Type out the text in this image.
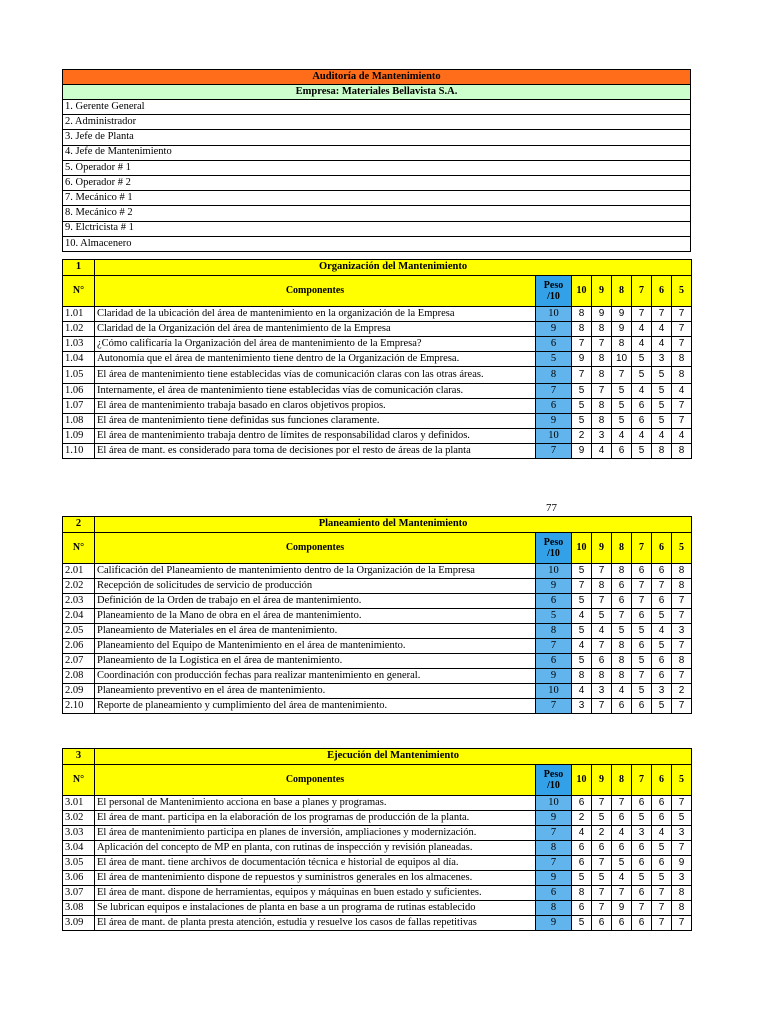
Auditoría de Mantenimiento
Empresa: Materiales Bellavista S.A.
1. Gerente General
2. Administrador
3. Jefe de Planta
4. Jefe de Mantenimiento
5. Operador # 1
6. Operador # 2
7. Mecánico # 1
8. Mecánico # 2
9. Elctricista # 1
10. Almacenero
1	Organización del Mantenimiento							
N°	Componentes	Peso /10	10	9	8	7	6	5
1.01	Claridad de la ubicación del área de mantenimiento en la organización de la Empresa	10	8	9	9	7	7	7
1.02	Claridad de la Organización del área de mantenimiento de la Empresa	9	8	8	9	4	4	7
1.03	¿Cómo calificaría la Organización del área de mantenimiento de la Empresa?	6	7	7	8	4	4	7
1.04	Autonomía que el área de mantenimiento tiene dentro de la Organización de Empresa.	5	9	8	10	5	3	8
1.05	El área de mantenimiento tiene establecidas vías de comunicación claras con las otras áreas.	8	7	8	7	5	5	8
1.06	Internamente, el área de mantenimiento tiene establecidas vías de comunicación claras.	7	5	7	5	4	5	4
1.07	El área de mantenimiento trabaja basado en claros objetivos propios.	6	5	8	5	6	5	7
1.08	El área de mantenimiento tiene definidas sus funciones claramente.	9	5	8	5	6	5	7
1.09	El área de mantenimiento trabaja dentro de límites de responsabilidad claros y definidos.	10	2	3	4	4	4	4
1.10	El área de mant. es considerado para toma de decisiones por el resto de áreas de la planta	7	9	4	6	5	8	8
77
2	Planeamiento del Mantenimiento							
N°	Componentes	Peso /10	10	9	8	7	6	5
2.01	Calificación del Planeamiento de mantenimiento dentro de la Organización de la Empresa	10	5	7	8	6	6	8
2.02	Recepción de solicitudes de servicio de producción	9	7	8	6	7	7	8
2.03	Definición de la Orden de trabajo en el área de mantenimiento.	6	5	7	6	7	6	7
2.04	Planeamiento de la Mano de obra en el área de mantenimiento.	5	4	5	7	6	5	7
2.05	Planeamiento de Materiales en el área de mantenimiento.	8	5	4	5	5	4	3
2.06	Planeamiento del Equipo de Mantenimiento en el área de mantenimiento.	7	4	7	8	6	5	7
2.07	Planeamiento de la Logística en el área de mantenimiento.	6	5	6	8	5	6	8
2.08	Coordinación con producción fechas para realizar mantenimiento en general.	9	8	8	8	7	6	7
2.09	Planeamiento preventivo en el área de mantenimiento.	10	4	3	4	5	3	2
2.10	Reporte de planeamiento y cumplimiento del área de mantenimiento.	7	3	7	6	6	5	7
3	Ejecución del Mantenimiento							
N°	Componentes	Peso /10	10	9	8	7	6	5
3.01	El personal de Mantenimiento acciona en base a planes y programas.	10	6	7	7	6	6	7
3.02	El área de mant. participa en la elaboración de los programas de producción de la planta.	9	2	5	6	5	6	5
3.03	El área de mantenimiento participa en planes de inversión, ampliaciones y modernización.	7	4	2	4	3	4	3
3.04	Aplicación del concepto de MP en planta, con rutinas de inspección y revisión planeadas.	8	6	6	6	6	5	7
3.05	El área de mant. tiene archivos de documentación técnica e historial de equipos al día.	7	6	7	5	6	6	9
3.06	El área de mantenimiento dispone de repuestos y suministros generales en los almacenes.	9	5	5	4	5	5	3
3.07	El área de mant. dispone de herramientas, equipos y máquinas en buen estado y suficientes.	6	8	7	7	6	7	8
3.08	Se lubrican equipos e instalaciones de planta en base a un programa de rutinas establecido	8	6	7	9	7	7	8
3.09	El área de mant. de planta presta atención, estudia y resuelve los casos de fallas repetitivas	9	5	6	6	6	7	7
